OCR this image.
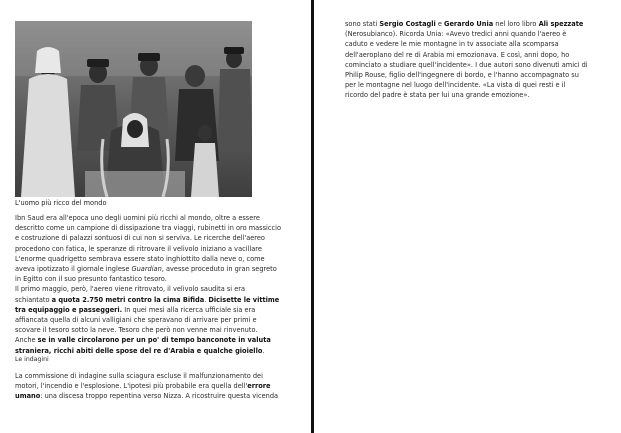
L'uomo più ricco del mondo

Ibn Saud era all'epoca uno degli uomini più ricchi al mondo, oltre a essere descritto come un campione di dissipazione tra viaggi, rubinetti in oro massiccio e costruzione di palazzi sontuosi di cui non si serviva. Le ricerche dell'aereo procedono con fatica, le speranze di ritrovare il velivolo iniziano a vacillare

L'enorme quadrigetto sembrava essere stato inghiottito dalla neve o, come aveva ipotizzato il giornale inglese Guardian, avesse proceduto in gran segreto in Egitto con il suo presunto fantastico tesoro.

Il primo maggio, però, l'aereo viene ritrovato, il velivolo saudita si era schiantato a quota 2.750 metri contro la cima Bifida. Dicisette le vittime tra equipaggio e passeggeri. In quei mesi alla ricerca ufficiale sia era affiancata quella di alcuni valligiani che speravano di arrivare per primi e scovare il tesoro sotto la neve. Tesoro che però non venne mai rinvenuto.

Anche se in valle circolarono per un po' di tempo banconote in valuta straniera, ricchi abiti delle spose del re d'Arabia e qualche gioiello.

Le indagini

La commissione di indagine sulla sciagura escluse il malfunzionamento dei motori, l'incendio e l'esplosione. L'ipotesi più probabile era quella dell'errore umano: una discesa troppo repentina verso Nizza. A ricostruire questa vicenda

sono stati Sergio Costagli e Gerardo Unia nel loro libro Ali spezzate (Nerosubianco). Ricorda Unia: «Avevo tredici anni quando l'aereo è caduto e vedere le mie montagne in tv associate alla scomparsa dell'aeroplano del re di Arabia mi emozionava. E così, anni dopo, ho cominciato a studiare quell'incidente». I due autori sono divenuti amici di Philip Rouse, figlio dell'ingegnere di bordo, e l'hanno accompagnato su per le montagne nel luogo dell'incidente. «La vista di quei resti e il ricordo del padre è stata per lui una grande emozione».
